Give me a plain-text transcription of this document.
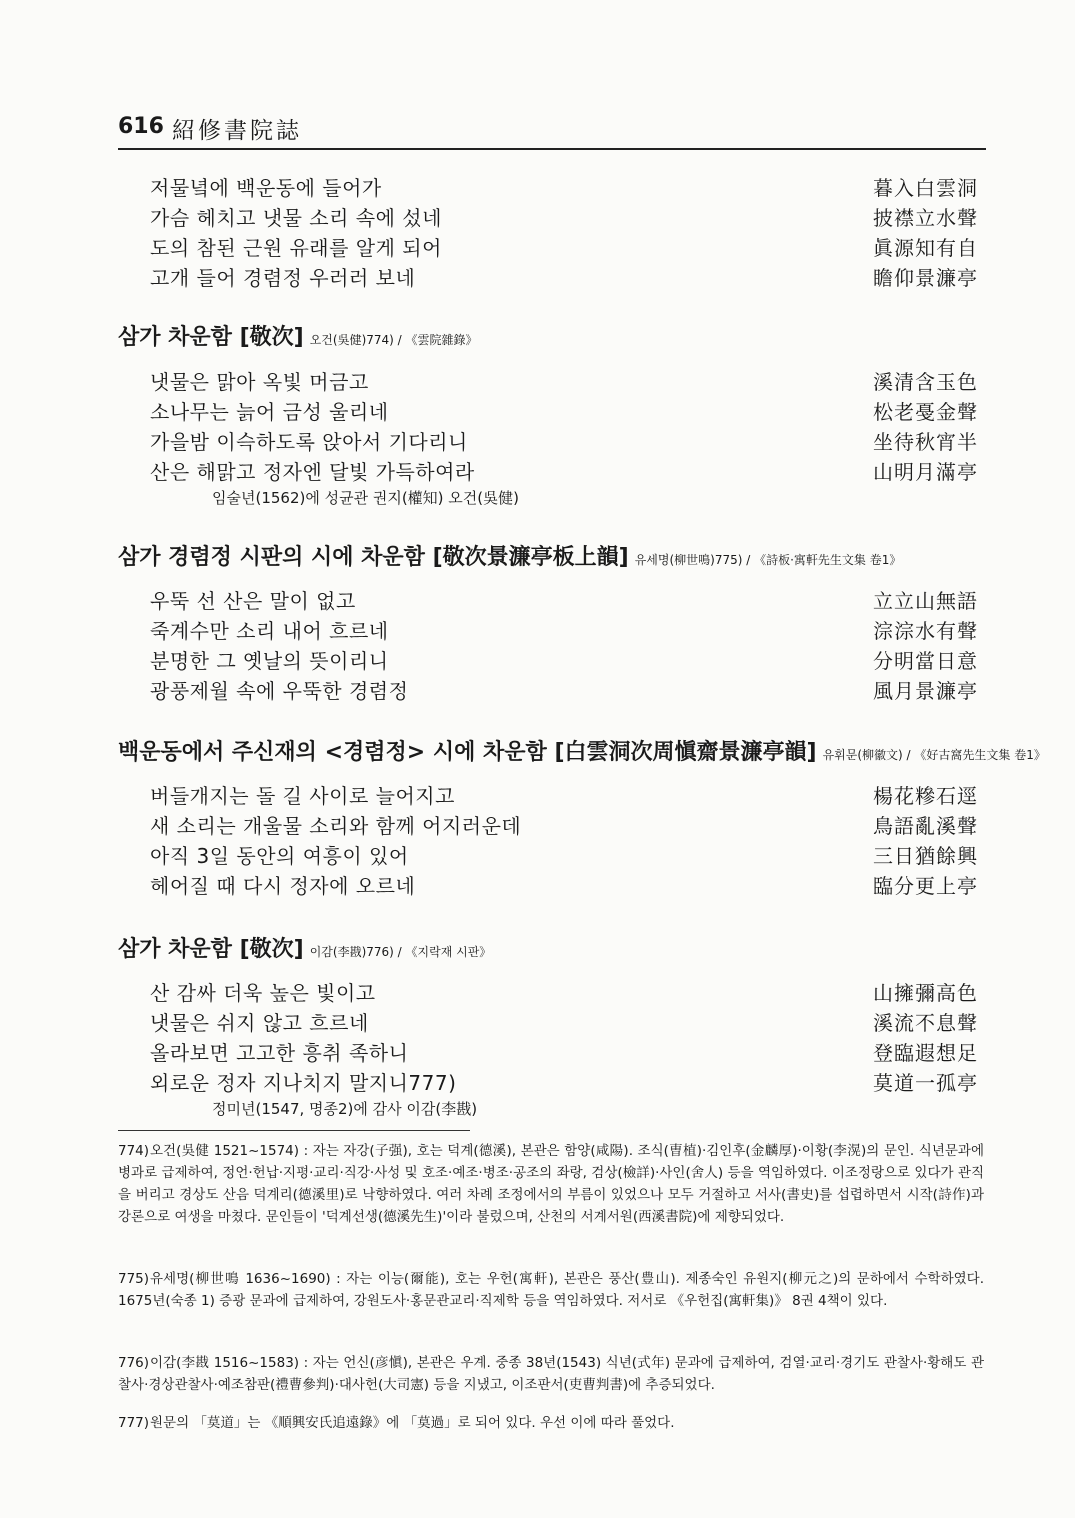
616 紹修書院誌
저물녘에 백운동에 들어가	暮入白雲洞
가슴 헤치고 냇물 소리 속에 섰네	披襟立水聲
도의 참된 근원 유래를 알게 되어	眞源知有自
고개 들어 경렴정 우러러 보네	瞻仰景濂亭
삼가 차운함 [敬次] 오건(吳健)774) / 《雲院雜錄》
냇물은 맑아 옥빛 머금고	溪清含玉色
소나무는 늙어 금성 울리네	松老戞金聲
가을밤 이슥하도록 앉아서 기다리니	坐待秋宵半
산은 해맑고 정자엔 달빛 가득하여라	山明月滿亭
임술년(1562)에 성균관 권지(權知) 오건(吳健)
삼가 경렴정 시판의 시에 차운함 [敬次景濂亭板上韻] 유세명(柳世鳴)775) / 《詩板·寓軒先生文集 卷1》
우뚝 선 산은 말이 없고	立立山無語
죽계수만 소리 내어 흐르네	淙淙水有聲
분명한 그 옛날의 뜻이리니	分明當日意
광풍제월 속에 우뚝한 경렴정	風月景濂亭
백운동에서 주신재의 <경렴정> 시에 차운함 [白雲洞次周愼齋景濂亭韻] 유휘문(柳徽文) / 《好古窩先生文集 卷1》
버들개지는 돌 길 사이로 늘어지고	楊花糝石逕
새 소리는 개울물 소리와 함께 어지러운데	鳥語亂溪聲
아직 3일 동안의 여흥이 있어	三日猶餘興
헤어질 때 다시 정자에 오르네	臨分更上亭
삼가 차운함 [敬次] 이감(李戡)776) / 《지락재 시판》
산 감싸 더욱 높은 빛이고	山擁彌高色
냇물은 쉬지 않고 흐르네	溪流不息聲
올라보면 고고한 흥취 족하니	登臨遐想足
외로운 정자 지나치지 말지니777)	莫道一孤亭
정미년(1547, 명종2)에 감사 이감(李戡)
774)오건(吳健 1521~1574) : 자는 자강(子强), 호는 덕계(德溪), 본관은 함양(咸陽). 조식(曺植)·김인후(金麟厚)·이황(李滉)의 문인. 식년문과에 병과로 급제하여, 정언·헌납·지평·교리·직강·사성 및 호조·예조·병조·공조의 좌랑, 검상(檢詳)·사인(舍人) 등을 역임하였다. 이조정랑으로 있다가 관직을 버리고 경상도 산음 덕계리(德溪里)로 낙향하였다. 여러 차례 조정에서의 부름이 있었으나 모두 거절하고 서사(書史)를 섭렵하면서 시작(詩作)과 강론으로 여생을 마쳤다. 문인들이 '덕계선생(德溪先生)'이라 불렀으며, 산천의 서계서원(西溪書院)에 제향되었다.
775)유세명(柳世鳴 1636~1690) : 자는 이능(爾能), 호는 우헌(寓軒), 본관은 풍산(豊山). 제종숙인 유원지(柳元之)의 문하에서 수학하였다. 1675년(숙종 1) 증광 문과에 급제하여, 강원도사·홍문관교리·직제학 등을 역임하였다. 저서로 《우헌집(寓軒集)》 8권 4책이 있다.
776)이감(李戡 1516~1583) : 자는 언신(彦愼), 본관은 우계. 중종 38년(1543) 식년(式年) 문과에 급제하여, 검열·교리·경기도 관찰사·황해도 관찰사·경상관찰사·예조참판(禮曹參判)·대사헌(大司憲) 등을 지냈고, 이조판서(吏曹判書)에 추증되었다.
777)원문의 「莫道」는 《順興安氏追遠錄》에 「莫過」로 되어 있다. 우선 이에 따라 풀었다.
